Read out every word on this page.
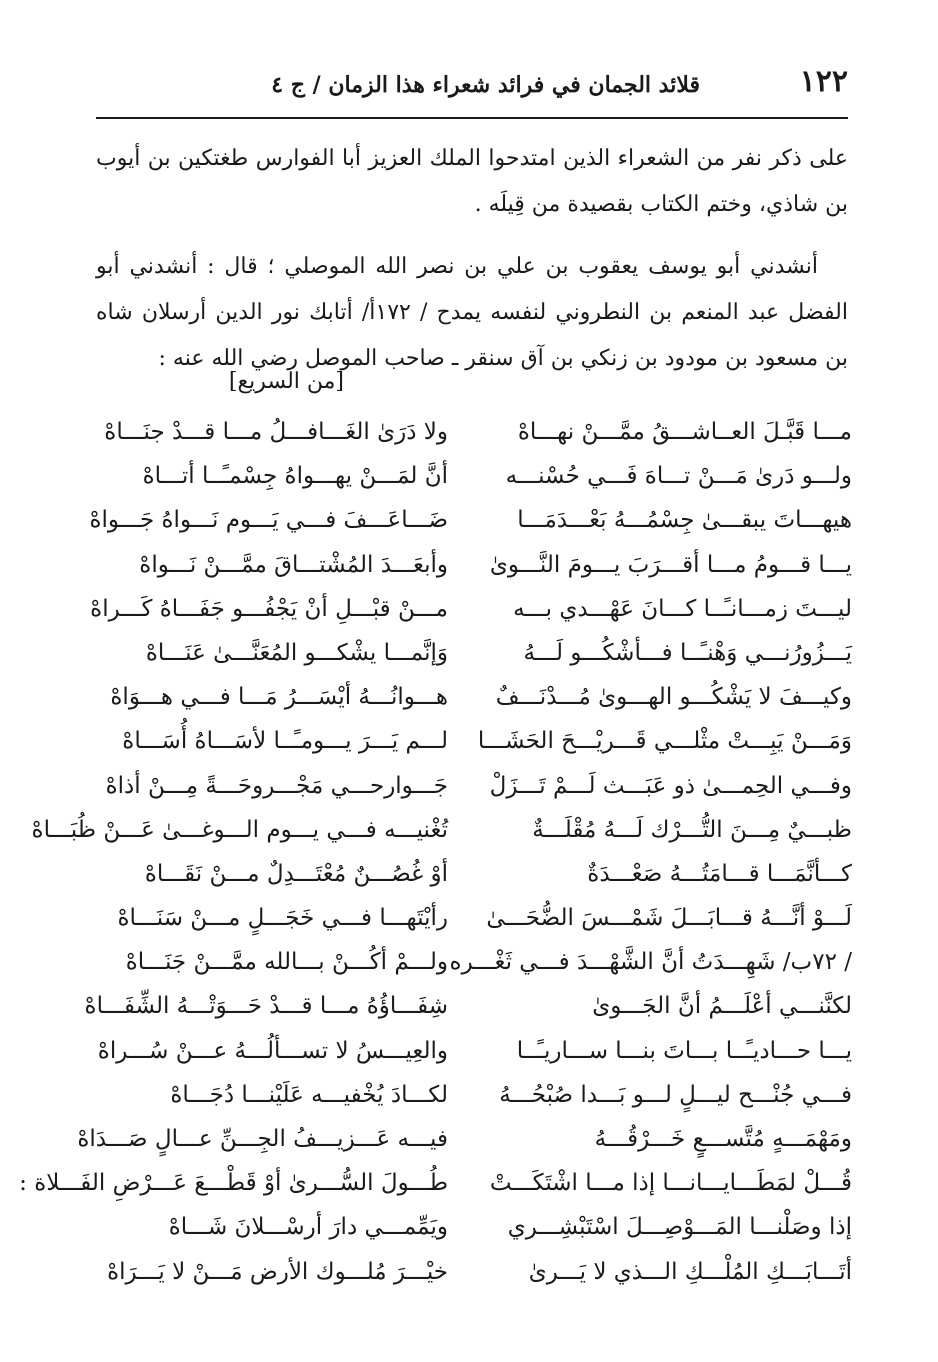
١٢٢
قلائد الجمان في فرائد شعراء هذا الزمان / ج ٤

على ذكر نفر من الشعراء الذين امتدحوا الملك العزيز أبا الفوارس طغتكين بن أيوب بن شاذي، وختم الكتاب بقصيدة من قِيلَه .

أنشدني أبو يوسف يعقوب بن علي بن نصر الله الموصلي ؛ قال : أنشدني أبو الفضل عبد المنعم بن النطروني لنفسه يمدح / ١٧٢أ/ أتابك نور الدين أرسلان شاه بن مسعود بن مودود بن زنكي بن آق سنقر ـ صاحب الموصل رضي الله عنه :

[من السريع]
مـــا قَبَّـلَ العــاشـــقُ ممَّـــنْ نهـــاهْ
ولا دَرَىٰ الغَـــافـــلُ مـــا قـــدْ جنَـــاهْ
ولـــو دَرىٰ مَـــنْ تـــاهَ فَـــي حُسْنـــه
أنَّ لمَـــنْ يهـــواهُ جِسْمـًــا أتـــاهْ
هيهـــاتَ يبقـــىٰ جِسْمُـــهُ بَعْـــدَمَـــا
ضَـــاعَـــفَ فـــي يَـــوم نَـــواهُ جَـــواهْ
يـــا قـــومُ مـــا أقـــرَبَ يـــومَ النَّـــوىٰ
وأبعَـــدَ المُشْتـــاقَ ممَّـــنْ نَـــواهْ
ليـــتَ زمـــانـًــا كـــانَ عَهْـــدي بـــه
مـــنْ قبْـــلِ أنْ يَجْفُـــو جَفَـــاهُ كَـــراهْ
يَـــزُورُنـــي وَهْنـًــا فـــأشْكُـــو لَـــهُ
وَإنَّمـــا يشْكـــو المُعَنَّـــىٰ عَنَـــاهْ
وكيـــفَ لا يَشْكُـــو الهـــوىٰ مُـــدْنَـــفٌ
هـــوانُـــهُ أيْسَـــرُ مَـــا فـــي هـــوَاهْ
وَمَـــنْ يَبِـــتْ مثْلـــي قَـــريْـــحَ الحَشَـــا
لـــم يَـــرَ يـــومـًــا لأسَـــاهُ أُسَـــاهْ
وفـــي الحِمـــىٰ ذو عَبَـــث لَـــمْ تَـــزَلْ
جَـــوارحـــي مَجْـــروحَـــةً مِـــنْ أذاهْ
ظبـــيٌ مِـــنَ التُّـــرْك لَـــهُ مُقْلَـــةٌ
تُغْنيـــه فـــي يـــوم الـــوغـــىٰ عَـــنْ ظُبَـــاهْ
كـــأنَّمَـــا قـــامَتُـــهُ صَعْـــدَةٌ
أوْ غُصُـــنٌ مُعْتَـــدِلٌ مـــنْ نَقَـــاهْ
لَـــوْ أنَّـــهُ قـــابَـــلَ شَمْـــسَ الضُّحَـــىٰ
رأيْتَهـــا فـــي خَجَـــلٍ مـــنْ سَنَـــاهْ
/ ٧٢ب/ شَهِـــدَتُ أنَّ الشَّهْـــدَ فـــي ثَغْـــره
ولـــمْ أكُـــنْ بـــالله ممَّـــنْ جَنَـــاهْ
لكنَّنـــي أعْلَـــمُ أنَّ الجَـــوىٰ
شِفَـــاؤُهُ مـــا قـــدْ حَـــوَتْـــهُ الشِّفَـــاهْ
يـــا حـــاديـًــا بـــاتَ بنـــا ســـاريـًــا
والعِيـــسُ لا تســـألُـــهُ عـــنْ سُـــراهْ
فـــي جُنْـــح ليـــلٍ لـــو بَـــدا صُبْحُـــهُ
لكـــادَ يُخْفيـــه عَلَيْنـــا دُجَـــاهْ
ومَهْمَـــهٍ مُتَّســـعٍ خَـــرْقُـــهُ
فيـــه عَـــزيـــفُ الجِـــنِّ عـــالٍ صَـــدَاهْ
قُـــلْ لمَطَـــايـــانـــا إذا مـــا اشْتَكَـــتْ
طُـــولَ السُّـــرىٰ أوْ قَطْـــعَ عَـــرْضِ الفَـــلاة :
إذا وصَلْنـــا المَـــوْصِـــلَ اسْتَبْشِـــري
ويَمِّمـــي دارَ أرسْـــلانَ شَـــاهْ
أتَـــابَـــكِ المُلْـــكِ الـــذي لا يَـــرىٰ
خيْـــرَ مُلـــوك الأرض مَـــنْ لا يَـــرَاهْ
